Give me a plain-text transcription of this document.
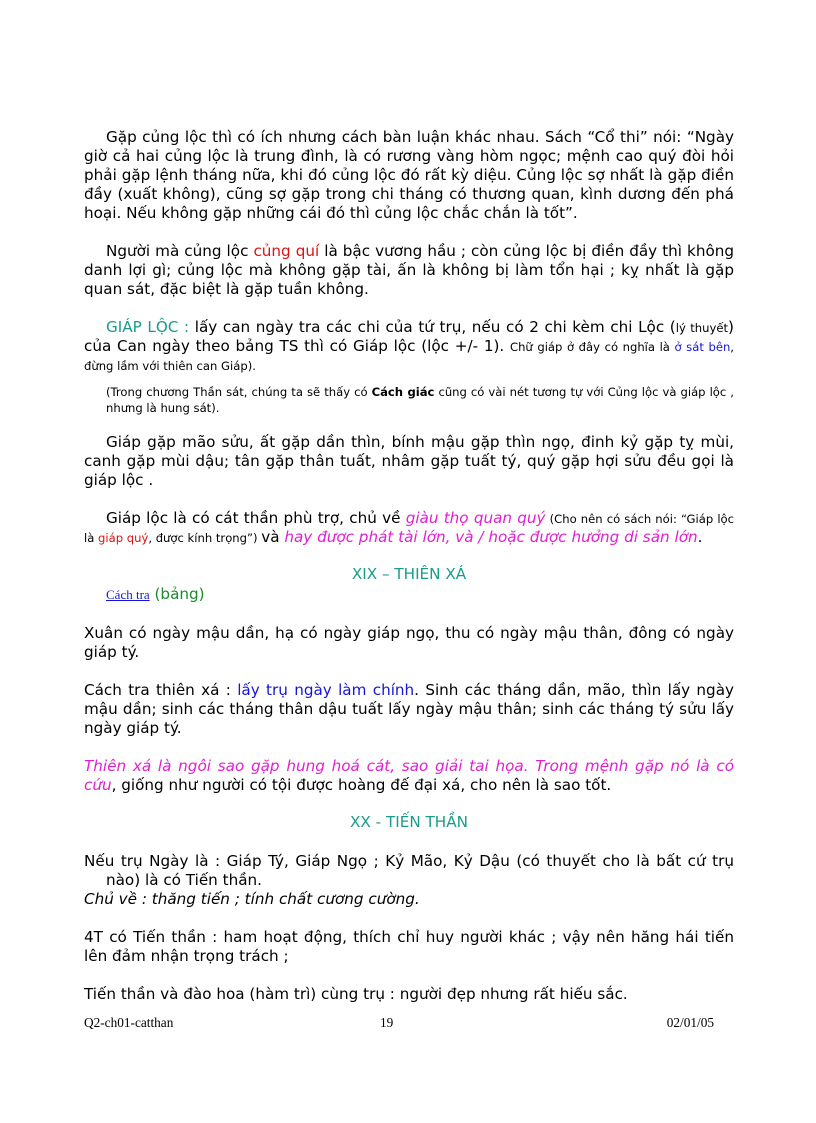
Gặp củng lộc thì có ích nhưng cách bàn luận khác nhau. Sách “Cổ thi” nói: “Ngày giờ cả hai củng lộc là trung đình, là có rương vàng hòm ngọc; mệnh cao quý đòi hỏi phải gặp lệnh tháng nữa, khi đó củng lộc đó rất kỳ diệu. Củng lộc sợ nhất là gặp điền đầy (xuất không), cũng sợ gặp trong chi tháng có thương quan, kình dương đến phá hoại. Nếu không gặp những cái đó thì củng lộc chắc chắn là tốt”.

Người mà củng lộc củng quí là bậc vương hầu ; còn củng lộc bị điền đầy thì không danh lợi gì; củng lộc mà không gặp tài, ấn là không bị làm tổn hại ; kỵ nhất là gặp quan sát, đặc biệt là gặp tuần không.

GIÁP LỘC : lấy can ngày tra các chi của tứ trụ, nếu có 2 chi kèm chi Lộc (lý thuyết) của Can ngày theo bảng TS thì có Giáp lộc (lộc +/- 1). Chữ giáp ở đây có nghĩa là ở sát bên, đừng lầm với thiên can Giáp).

(Trong chương Thần sát, chúng ta sẽ thấy có Cách giác cũng có vài nét tương tự với Củng lộc và giáp lộc , nhưng là hung sát).

Giáp gặp mão sửu, ất gặp dần thìn, bính mậu gặp thìn ngọ, đinh kỷ gặp tỵ mùi, canh gặp mùi dậu; tân gặp thân tuất, nhâm gặp tuất tý, quý gặp hợi sửu đều gọi là giáp lộc .

Giáp lộc là có cát thần phù trợ, chủ về giàu thọ quan quý (Cho nên có sách nói: “Giáp lộc là giáp quý, được kính trọng”) và hay được phát tài lớn, và / hoặc được hưởng di sản lớn.

XIX – THIÊN XÁ
Cách tra (bảng)

Xuân có ngày mậu dần, hạ có ngày giáp ngọ, thu có ngày mậu thân, đông có ngày giáp tý.

Cách tra thiên xá : lấy trụ ngày làm chính. Sinh các tháng dần, mão, thìn lấy ngày mậu dần; sinh các tháng thân dậu tuất lấy ngày mậu thân; sinh các tháng tý sửu lấy ngày giáp tý.

Thiên xá là ngôi sao gặp hung hoá cát, sao giải tai họa. Trong mệnh gặp nó là có cứu, giống như người có tội được hoàng đế đại xá, cho nên là sao tốt.

XX - TIẾN THẦN

Nếu trụ Ngày là : Giáp Tý, Giáp Ngọ ; Kỷ Mão, Kỷ Dậu (có thuyết cho là bất cứ trụ nào) là có Tiến thần.

Chủ về : thăng tiến ; tính chất cương cường.

4T có Tiến thần : ham hoạt động, thích chỉ huy người khác ; vậy nên hăng hái tiến lên đảm nhận trọng trách ;

Tiến thần và đào hoa (hàm trì) cùng trụ : người đẹp nhưng rất hiếu sắc.

Q2-ch01-catthan	19	02/01/05
